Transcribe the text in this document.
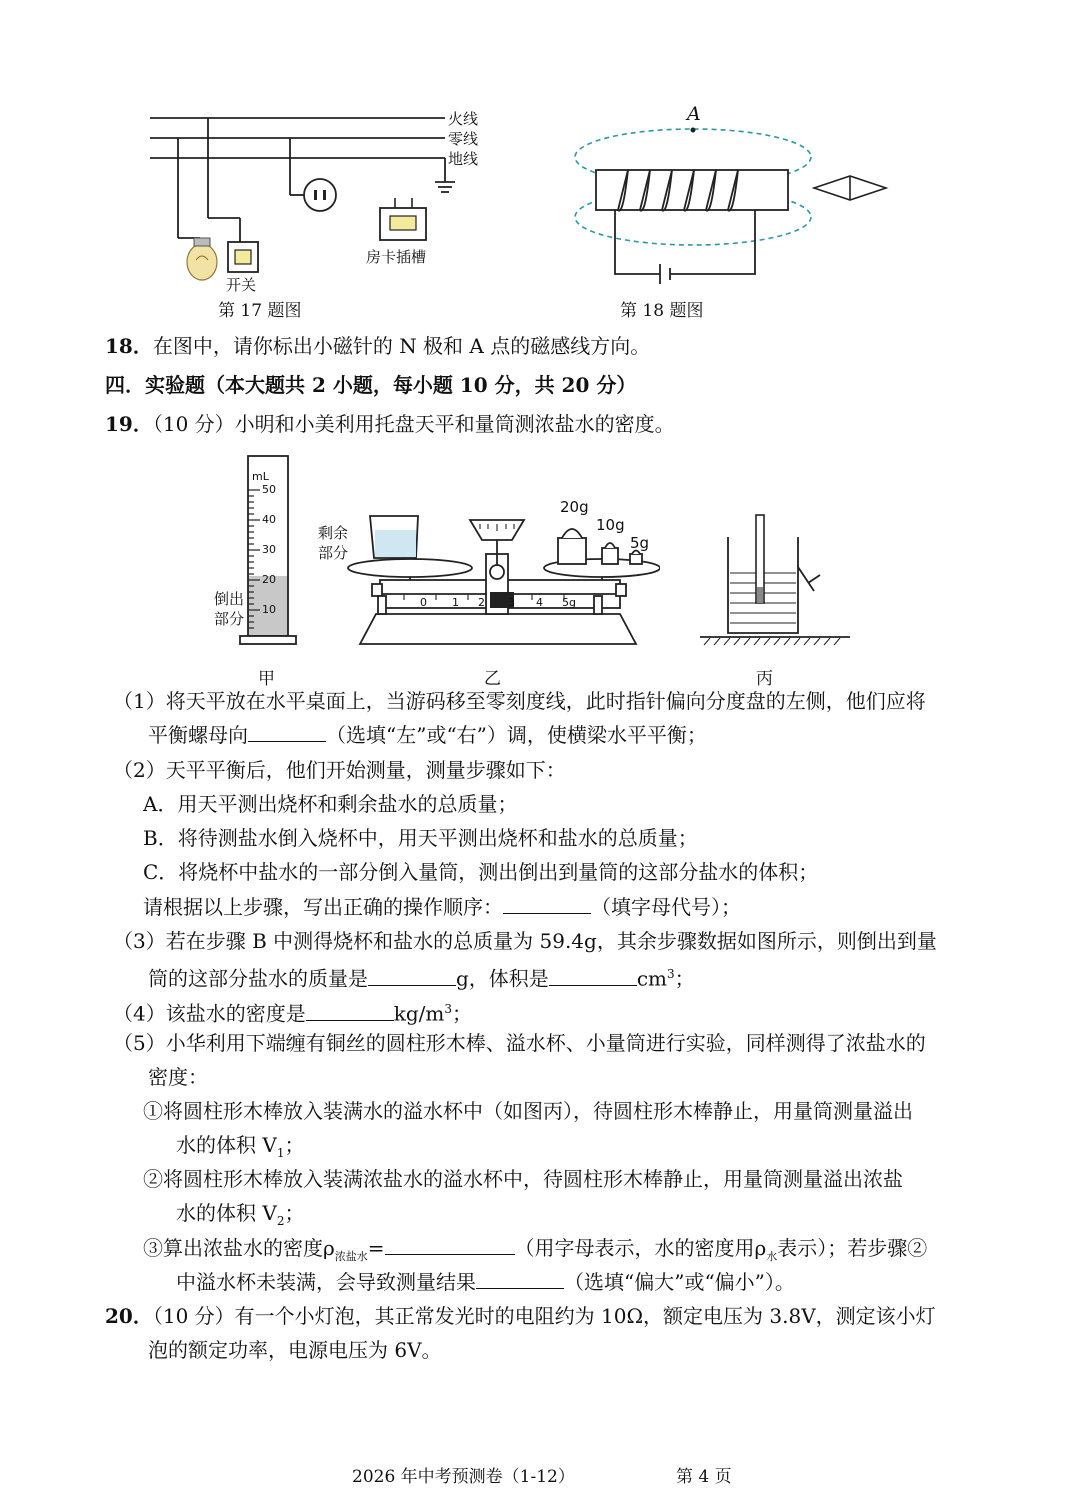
火线
零线
地线
开关
房卡插槽
第 17 题图
A
第 18 题图
18．在图中，请你标出小磁针的 N 极和 A 点的磁感线方向。
四．实验题（本大题共 2 小题，每小题 10 分，共 20 分）
19．（10 分）小明和小美利用托盘天平和量筒测浓盐水的密度。
mL
50
40
30
20
10
倒出
部分
甲
剩余
部分
20g
10g
5g
0 1 2 3 4 5g
乙	丙
（1）将天平放在水平桌面上，当游码移至零刻度线，此时指针偏向分度盘的左侧，他们应将
平衡螺母向	（选填“左”或“右”）调，使横梁水平平衡；
（2）天平平衡后，他们开始测量，测量步骤如下：
A．用天平测出烧杯和剩余盐水的总质量；
B．将待测盐水倒入烧杯中，用天平测出烧杯和盐水的总质量；
C．将烧杯中盐水的一部分倒入量筒，测出倒出到量筒的这部分盐水的体积；
请根据以上步骤，写出正确的操作顺序：	（填字母代号）；
（3）若在步骤 B 中测得烧杯和盐水的总质量为 59.4g，其余步骤数据如图所示，则倒出到量
筒的这部分盐水的质量是	g，体积是	$cm^3$；
（4）该盐水的密度是	$kg/m^3$；
（5）小华利用下端缠有铜丝的圆柱形木棒、溢水杯、小量筒进行实验，同样测得了浓盐水的
密度：
①将圆柱形木棒放入装满水的溢水杯中（如图丙），待圆柱形木棒静止，用量筒测量溢出
水的体积 $V_1$；
②将圆柱形木棒放入装满浓盐水的溢水杯中，待圆柱形木棒静止，用量筒测量溢出浓盐
水的体积 $V_2$；
③算出浓盐水的密度$\rho_{浓盐水}=$	（用字母表示，水的密度用$\rho_水$表示）；若步骤②
中溢水杯未装满，会导致测量结果	（选填“偏大”或“偏小”）。
20．（10 分）有一个小灯泡，其正常发光时的电阻约为 10Ω，额定电压为 3.8V，测定该小灯
泡的额定功率，电源电压为 6V。
2026 年中考预测卷（1-12）	第 4 页
